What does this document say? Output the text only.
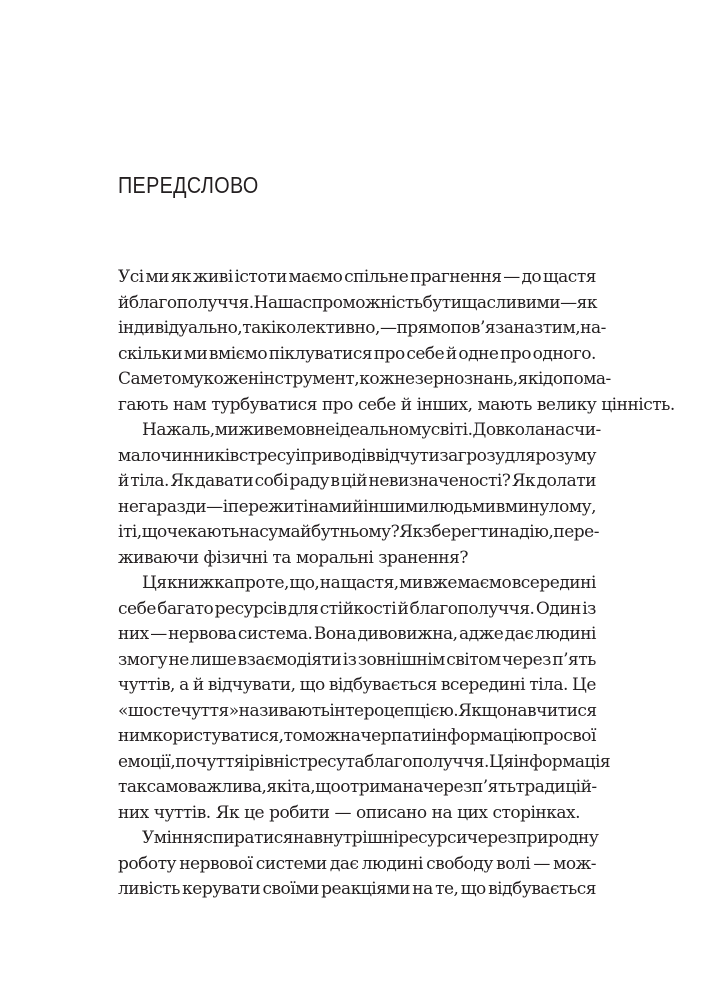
ПЕРЕДСЛОВО
Усі ми як живі істоти маємо спільне прагнення — до щастя
й благополуччя. Наша спроможність бути щасливими — як
індивідуально, так і колективно, — прямо пов’язана з тим, на-
скільки ми вміємо піклуватися про себе й одне про одного.
Саме тому кожен інструмент, кожне зерно знань, які допома-
гають нам турбуватися про себе й інших, мають велику цінність.
На жаль, ми живемо в неідеальному світі. Довкола нас чи-
мало чинників стресу і приводів відчути загрозу для розуму
й тіла. Як давати собі раду в цій невизначеності? Як долати
негаразди — і пережиті нами й іншими людьми в минулому,
і ті, що чекають нас у майбутньому? Як зберегти надію, пере-
живаючи фізичні та моральні зранення?
Ця книжка про те, що, на щастя, ми вже маємо всередині
себе багато ресурсів для стійкості й благополуччя. Один із
них — нервова система. Вона дивовижна, адже дає людині
змогу не лише взаємодіяти із зовнішнім світом через п’ять
чуттів, а й відчувати, що відбувається всередині тіла. Це
«шосте чуття» називають інтероцепцією. Якщо навчитися
ним користуватися, то можна черпати інформацію про свої
емоції, почуття і рівні стресу та благополуччя. Ця інформація
так само важлива, як і та, що отримана через п’ять традицій-
них чуттів. Як це робити — описано на цих сторінках.
Уміння спиратися на внутрішні ресурси через природну
роботу нервової системи дає людині свободу волі — мож-
ливість керувати своїми реакціями на те, що відбувається
